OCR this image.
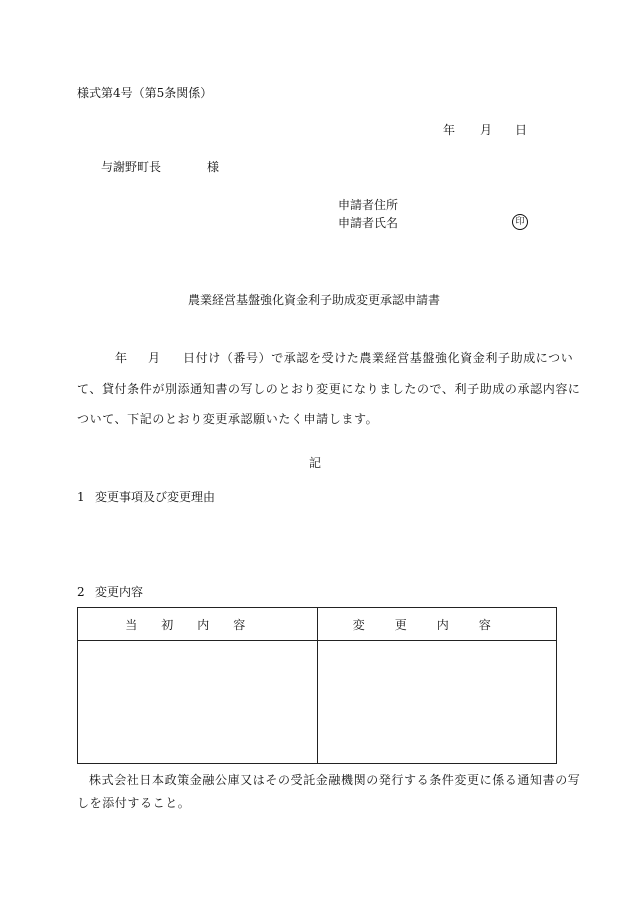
様式第4号（第5条関係）
年 月 日
与謝野町長	様
申請者住所
申請者氏名	印
農業経営基盤強化資金利子助成変更承認申請書
年 月 日付け（番号）で承認を受けた農業経営基盤強化資金利子助成につい
て、貸付条件が別添通知書の写しのとおり変更になりましたので、利子助成の承認内容に
ついて、下記のとおり変更承認願いたく申請します。
記
1 変更事項及び変更理由
2 変更内容
当初内容	変更内容

株式会社日本政策金融公庫又はその受託金融機関の発行する条件変更に係る通知書の写
しを添付すること。
